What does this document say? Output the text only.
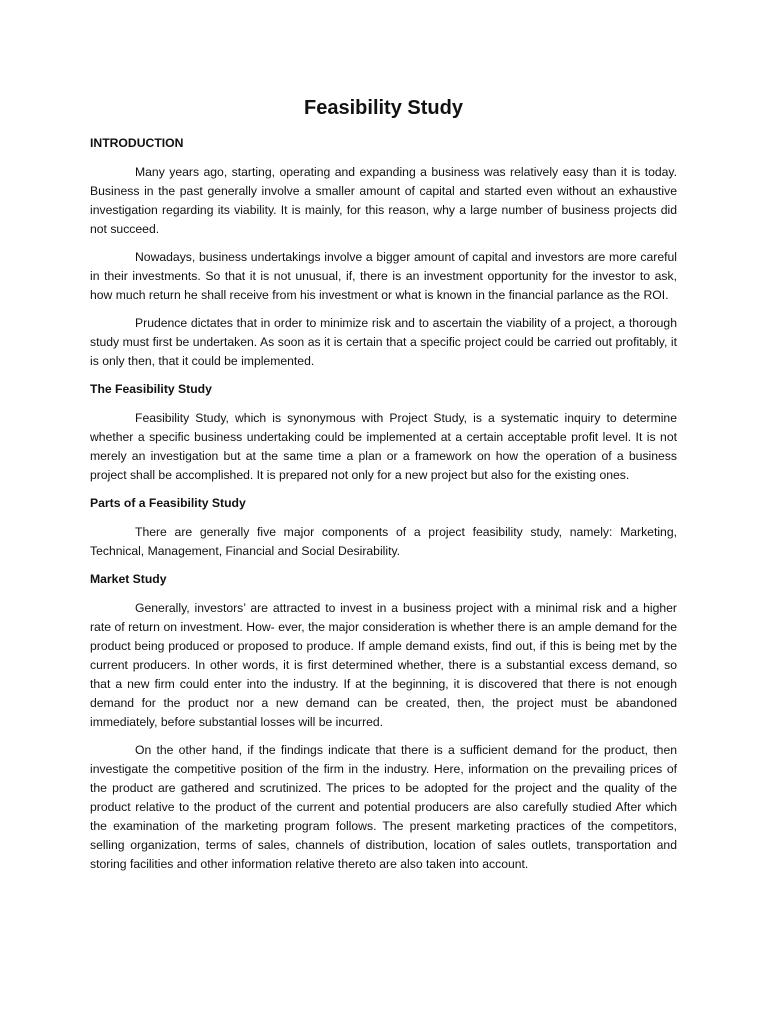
Feasibility Study
INTRODUCTION

Many years ago, starting, operating and expanding a business was relatively easy than it is today. Business in the past generally involve a smaller amount of capital and started even without an exhaustive investigation regarding its viability. It is mainly, for this reason, why a large number of business projects did not succeed.

Nowadays, business undertakings involve a bigger amount of capital and investors are more careful in their investments. So that it is not unusual, if, there is an investment opportunity for the investor to ask, how much return he shall receive from his investment or what is known in the financial parlance as the ROI.

Prudence dictates that in order to minimize risk and to ascertain the viability of a project, a thorough study must first be undertaken. As soon as it is certain that a specific project could be carried out profitably, it is only then, that it could be implemented.

The Feasibility Study

Feasibility Study, which is synonymous with Project Study, is a systematic inquiry to determine whether a specific business undertaking could be implemented at a certain acceptable profit level. It is not merely an investigation but at the same time a plan or a framework on how the operation of a business project shall be accomplished. It is prepared not only for a new project but also for the existing ones.

Parts of a Feasibility Study

There are generally five major components of a project feasibility study, namely: Marketing, Technical, Management, Financial and Social Desirability.

Market Study

Generally, investors’ are attracted to invest in a business project with a minimal risk and a higher rate of return on investment. How- ever, the major consideration is whether there is an ample demand for the product being produced or proposed to produce. If ample demand exists, find out, if this is being met by the current producers. In other words, it is first determined whether, there is a substantial excess demand, so that a new firm could enter into the industry. If at the beginning, it is discovered that there is not enough demand for the product nor a new demand can be created, then, the project must be abandoned immediately, before substantial losses will be incurred.

On the other hand, if the findings indicate that there is a sufficient demand for the product, then investigate the competitive position of the firm in the industry. Here, information on the prevailing prices of the product are gathered and scrutinized. The prices to be adopted for the project and the quality of the product relative to the product of the current and potential producers are also carefully studied After which the examination of the marketing program follows. The present marketing practices of the competitors, selling organization, terms of sales, channels of distribution, location of sales outlets, transportation and storing facilities and other information relative thereto are also taken into account.
